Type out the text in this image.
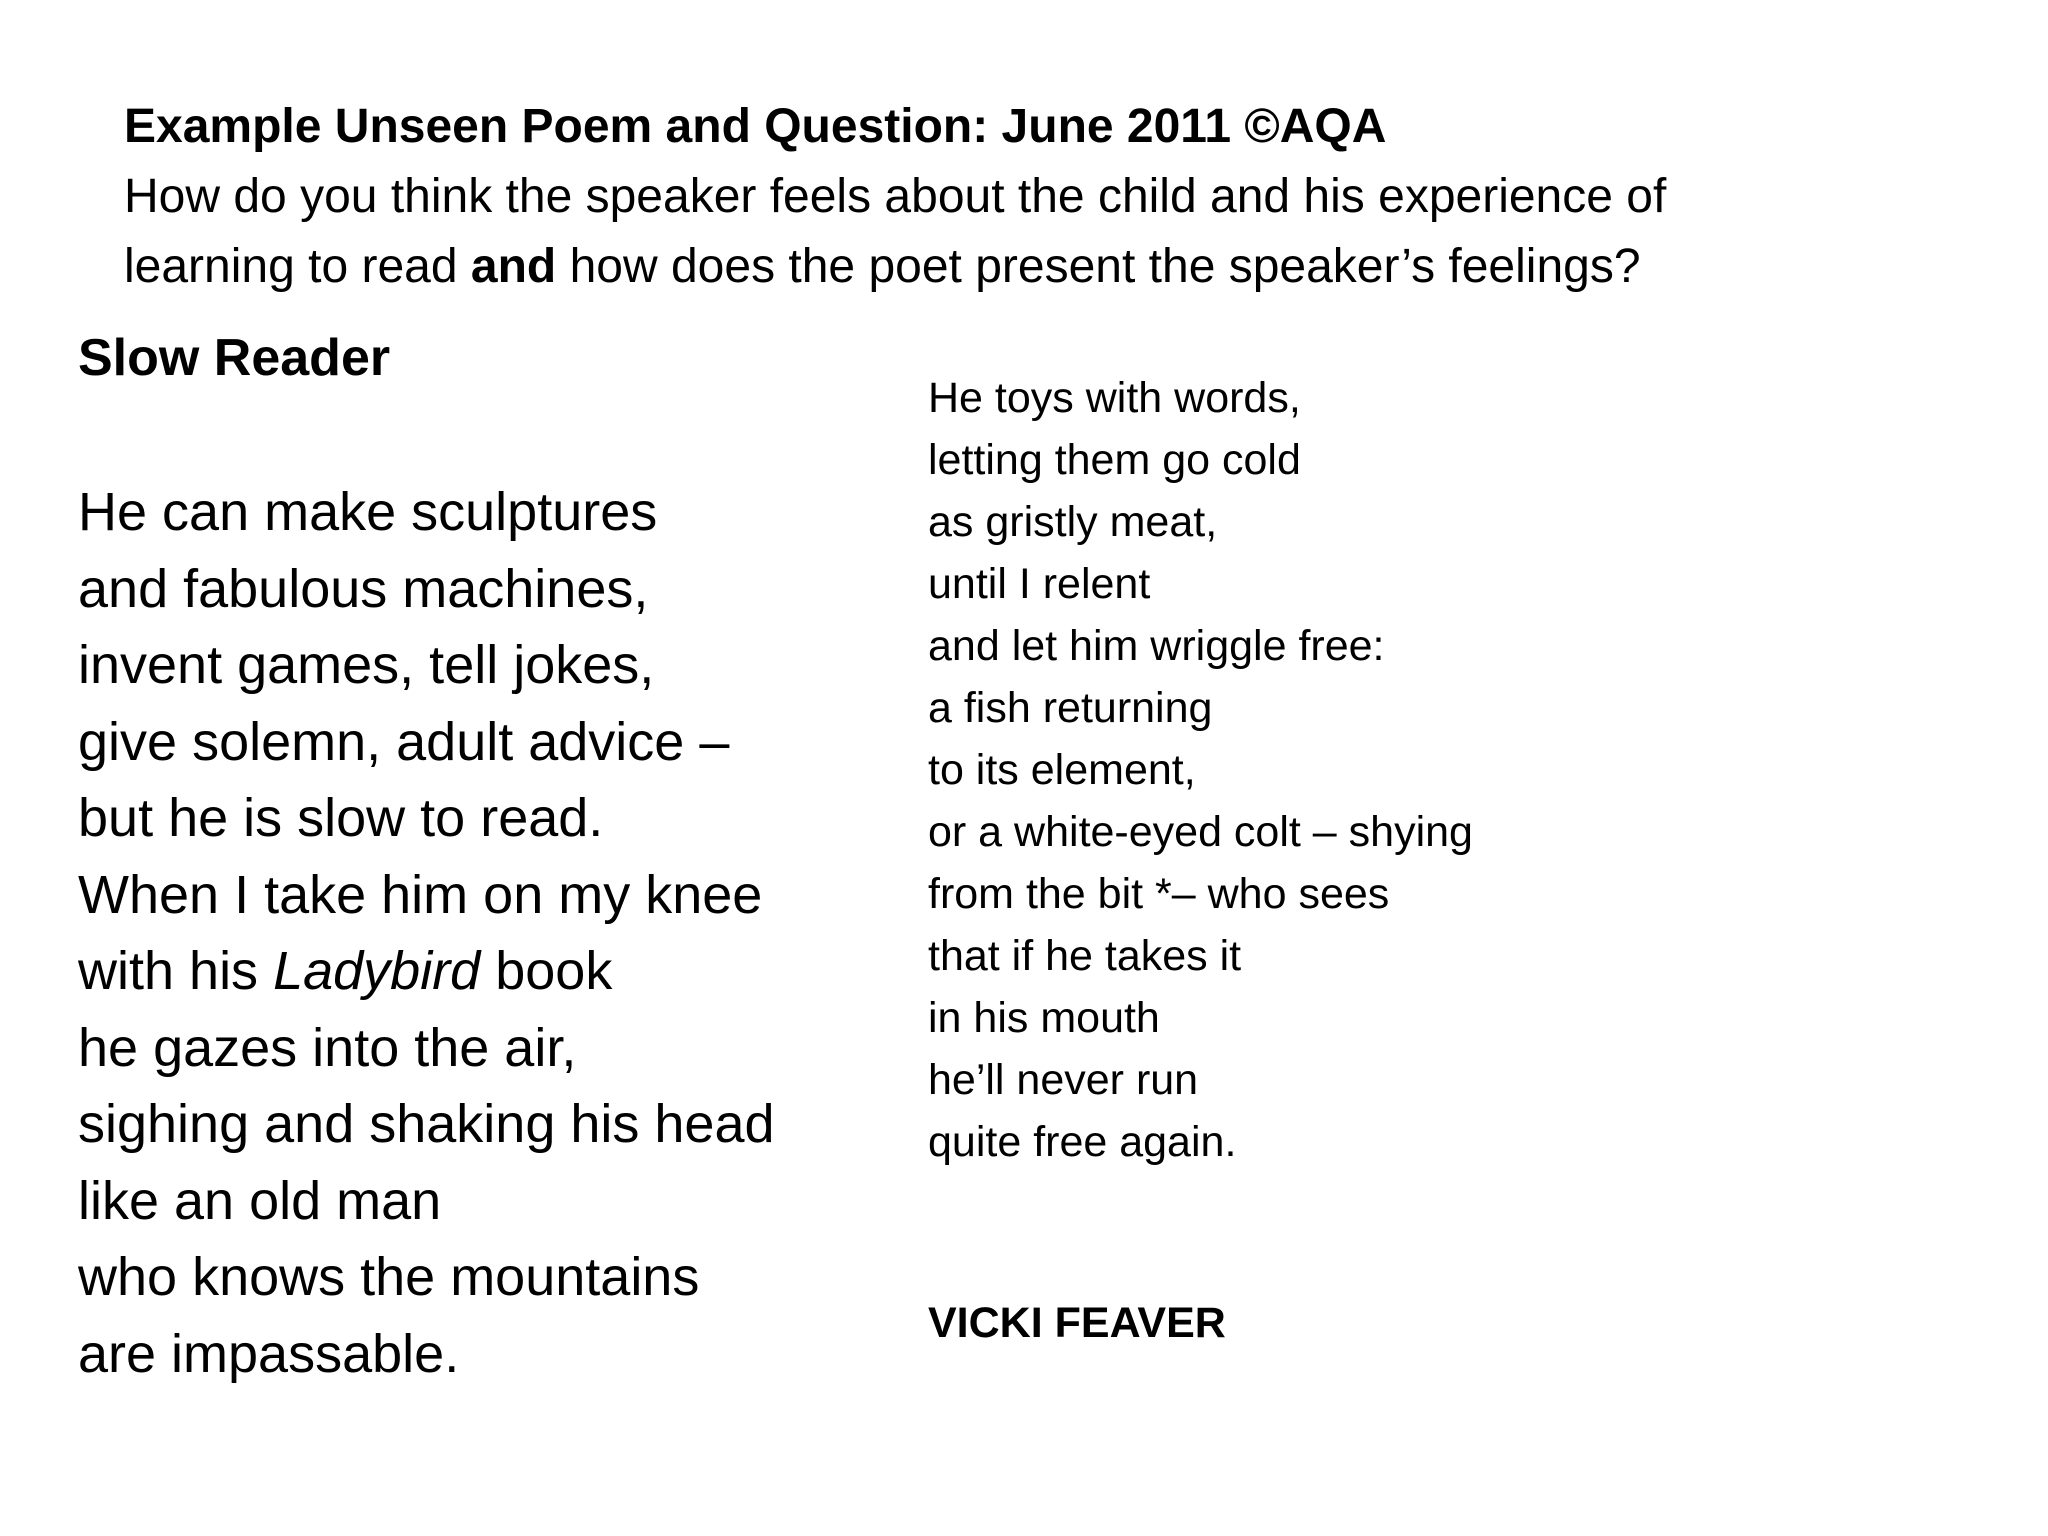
Example Unseen Poem and Question: June 2011 ©AQA
How do you think the speaker feels about the child and his experience of
learning to read and how does the poet present the speaker’s feelings?
Slow Reader
He can make sculptures
and fabulous machines,
invent games, tell jokes,
give solemn, adult advice –
but he is slow to read.
When I take him on my knee
with his Ladybird book
he gazes into the air,
sighing and shaking his head
like an old man
who knows the mountains
are impassable.
He toys with words,
letting them go cold
as gristly meat,
until I relent
and let him wriggle free:
a fish returning
to its element,
or a white-eyed colt – shying
from the bit *– who sees
that if he takes it
in his mouth
he’ll never run
quite free again.
VICKI FEAVER
